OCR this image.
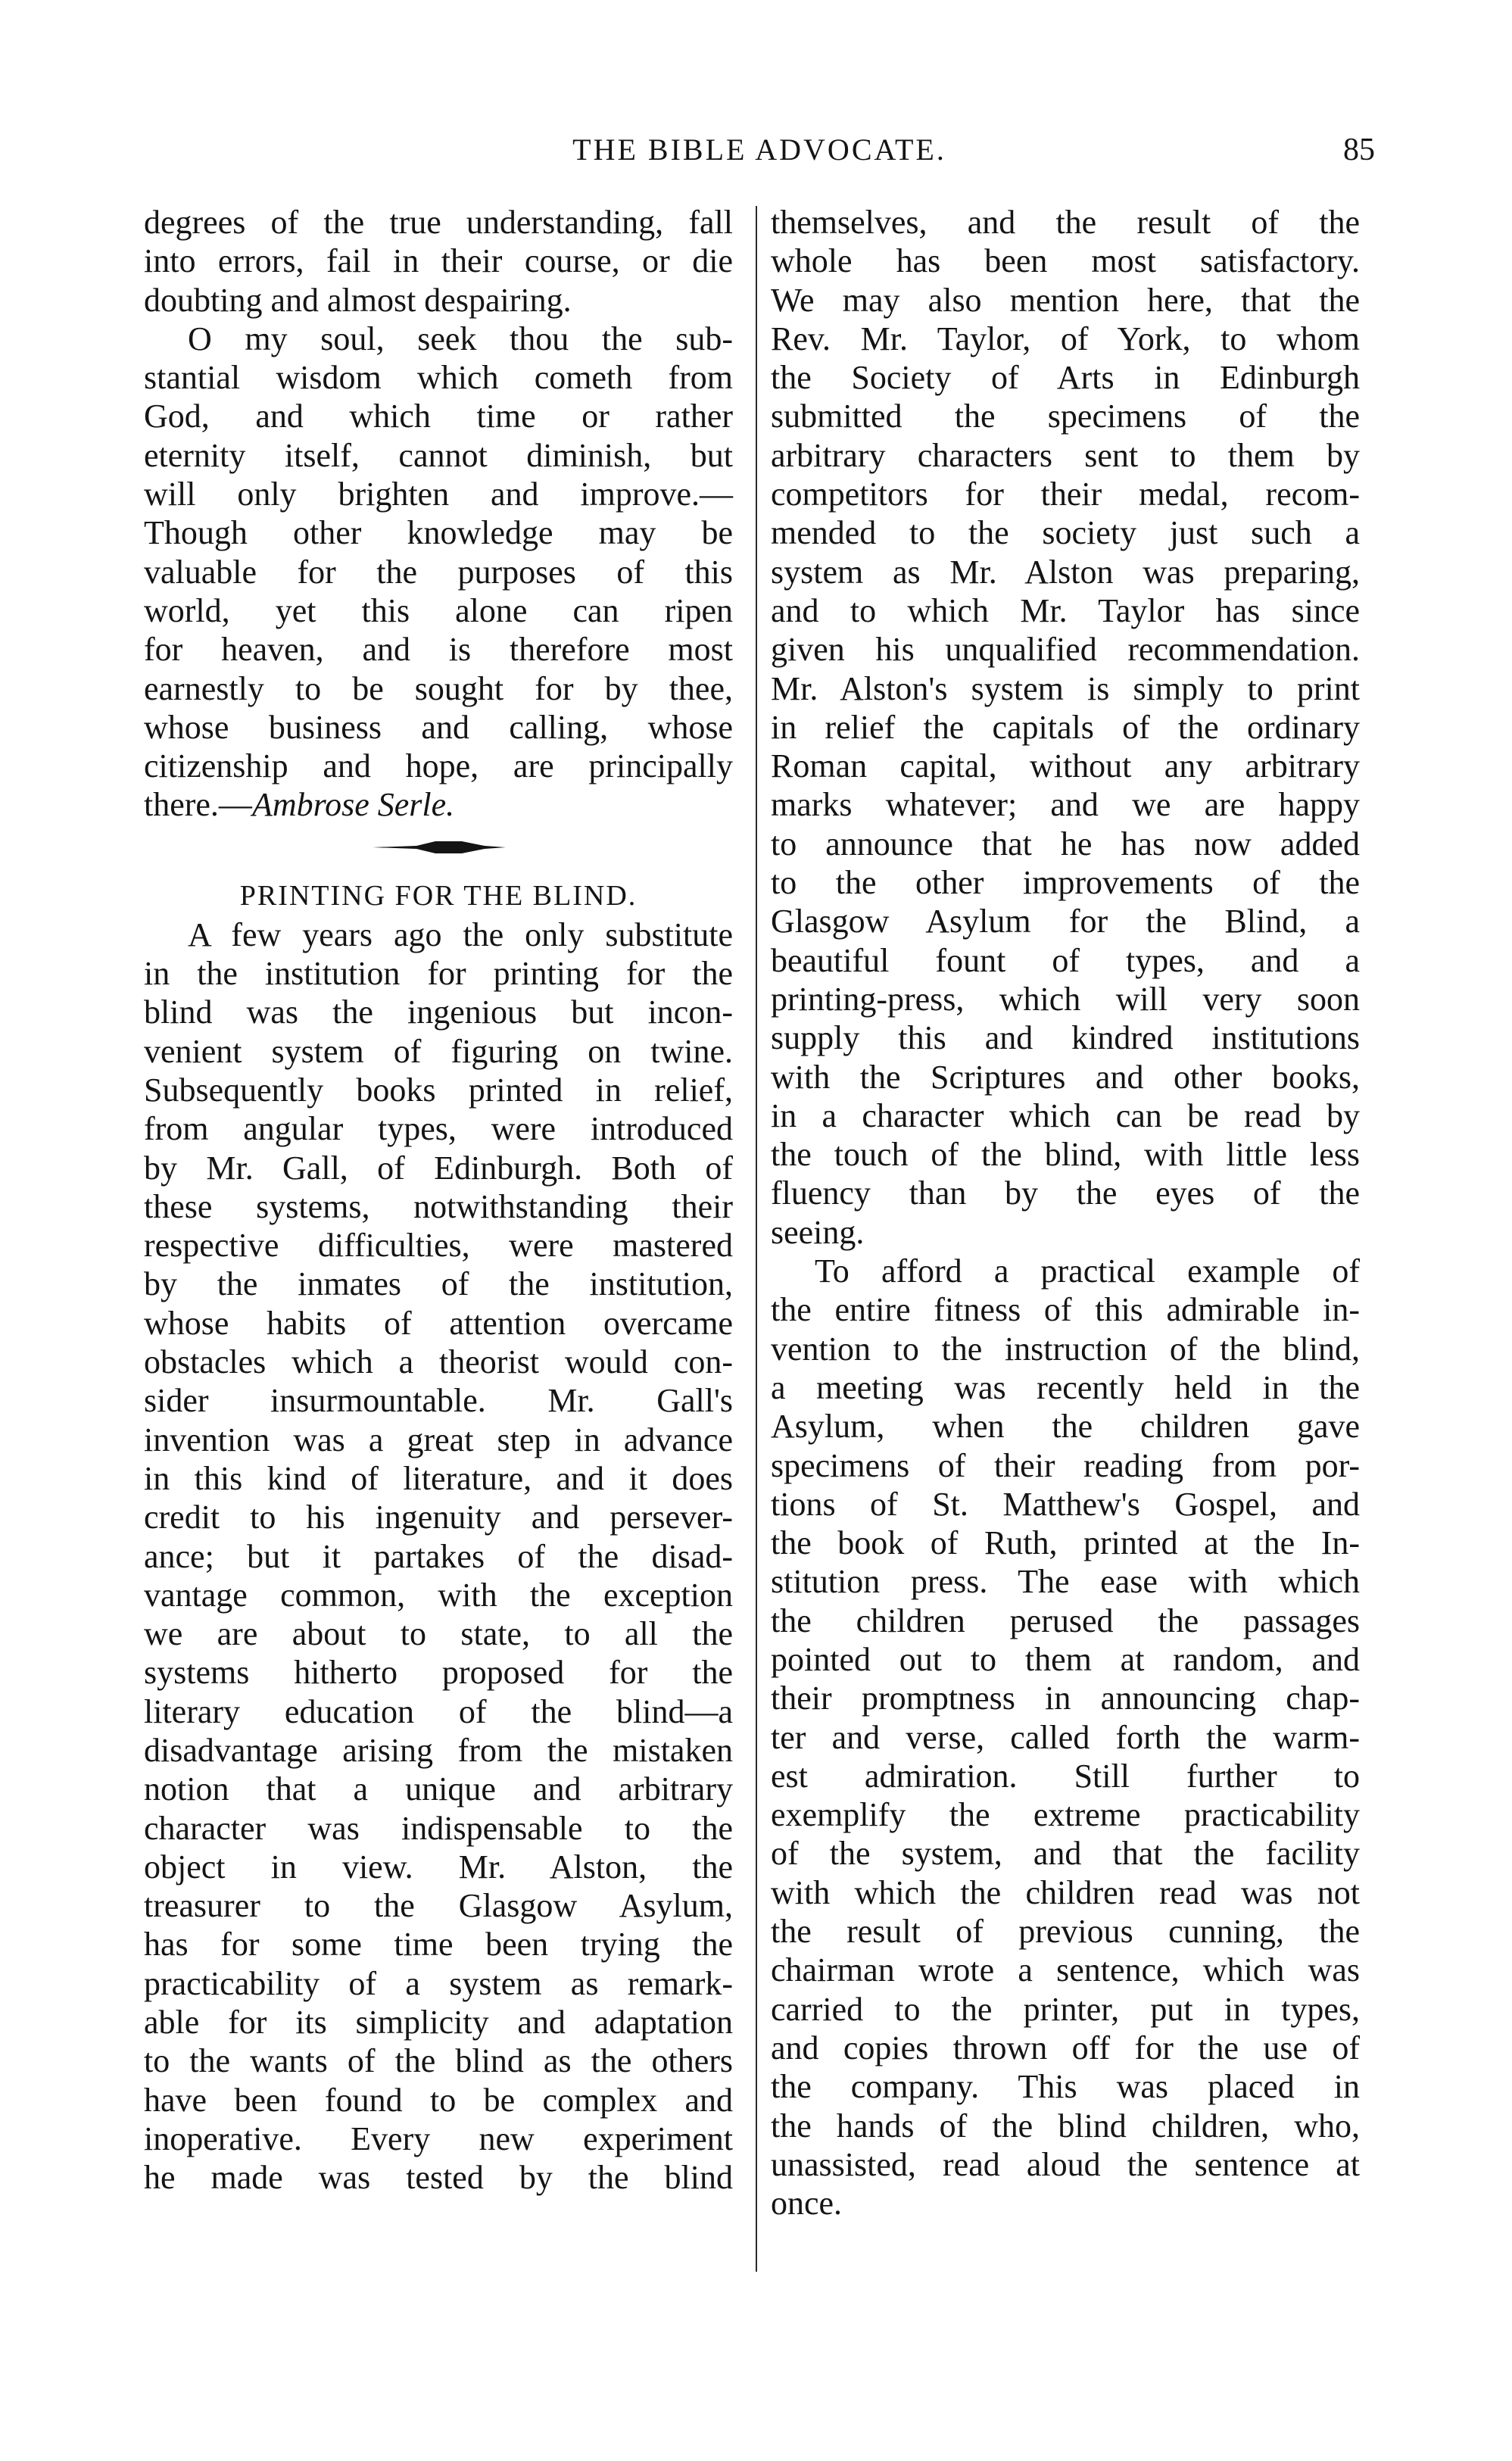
THE BIBLE ADVOCATE.	85
degrees of the true understanding, fall
into errors, fail in their course, or die
doubting and almost despairing.
O my soul, seek thou the sub-
stantial wisdom which cometh from
God, and which time or rather
eternity itself, cannot diminish, but
will only brighten and improve.—
Though other knowledge may be
valuable for the purposes of this
world, yet this alone can ripen
for heaven, and is therefore most
earnestly to be sought for by thee,
whose business and calling, whose
citizenship and hope, are principally
there.—Ambrose Serle.
PRINTING FOR THE BLIND.
A few years ago the only substitute
in the institution for printing for the
blind was the ingenious but incon-
venient system of figuring on twine.
Subsequently books printed in relief,
from angular types, were introduced
by Mr. Gall, of Edinburgh. Both of
these systems, notwithstanding their
respective difficulties, were mastered
by the inmates of the institution,
whose habits of attention overcame
obstacles which a theorist would con-
sider insurmountable. Mr. Gall's
invention was a great step in advance
in this kind of literature, and it does
credit to his ingenuity and persever-
ance; but it partakes of the disad-
vantage common, with the exception
we are about to state, to all the
systems hitherto proposed for the
literary education of the blind—a
disadvantage arising from the mistaken
notion that a unique and arbitrary
character was indispensable to the
object in view. Mr. Alston, the
treasurer to the Glasgow Asylum,
has for some time been trying the
practicability of a system as remark-
able for its simplicity and adaptation
to the wants of the blind as the others
have been found to be complex and
inoperative. Every new experiment
he made was tested by the blind
themselves, and the result of the
whole has been most satisfactory.
We may also mention here, that the
Rev. Mr. Taylor, of York, to whom
the Society of Arts in Edinburgh
submitted the specimens of the
arbitrary characters sent to them by
competitors for their medal, recom-
mended to the society just such a
system as Mr. Alston was preparing,
and to which Mr. Taylor has since
given his unqualified recommendation.
Mr. Alston's system is simply to print
in relief the capitals of the ordinary
Roman capital, without any arbitrary
marks whatever; and we are happy
to announce that he has now added
to the other improvements of the
Glasgow Asylum for the Blind, a
beautiful fount of types, and a
printing-press, which will very soon
supply this and kindred institutions
with the Scriptures and other books,
in a character which can be read by
the touch of the blind, with little less
fluency than by the eyes of the
seeing.
To afford a practical example of
the entire fitness of this admirable in-
vention to the instruction of the blind,
a meeting was recently held in the
Asylum, when the children gave
specimens of their reading from por-
tions of St. Matthew's Gospel, and
the book of Ruth, printed at the In-
stitution press. The ease with which
the children perused the passages
pointed out to them at random, and
their promptness in announcing chap-
ter and verse, called forth the warm-
est admiration. Still further to
exemplify the extreme practicability
of the system, and that the facility
with which the children read was not
the result of previous cunning, the
chairman wrote a sentence, which was
carried to the printer, put in types,
and copies thrown off for the use of
the company. This was placed in
the hands of the blind children, who,
unassisted, read aloud the sentence at
once.
